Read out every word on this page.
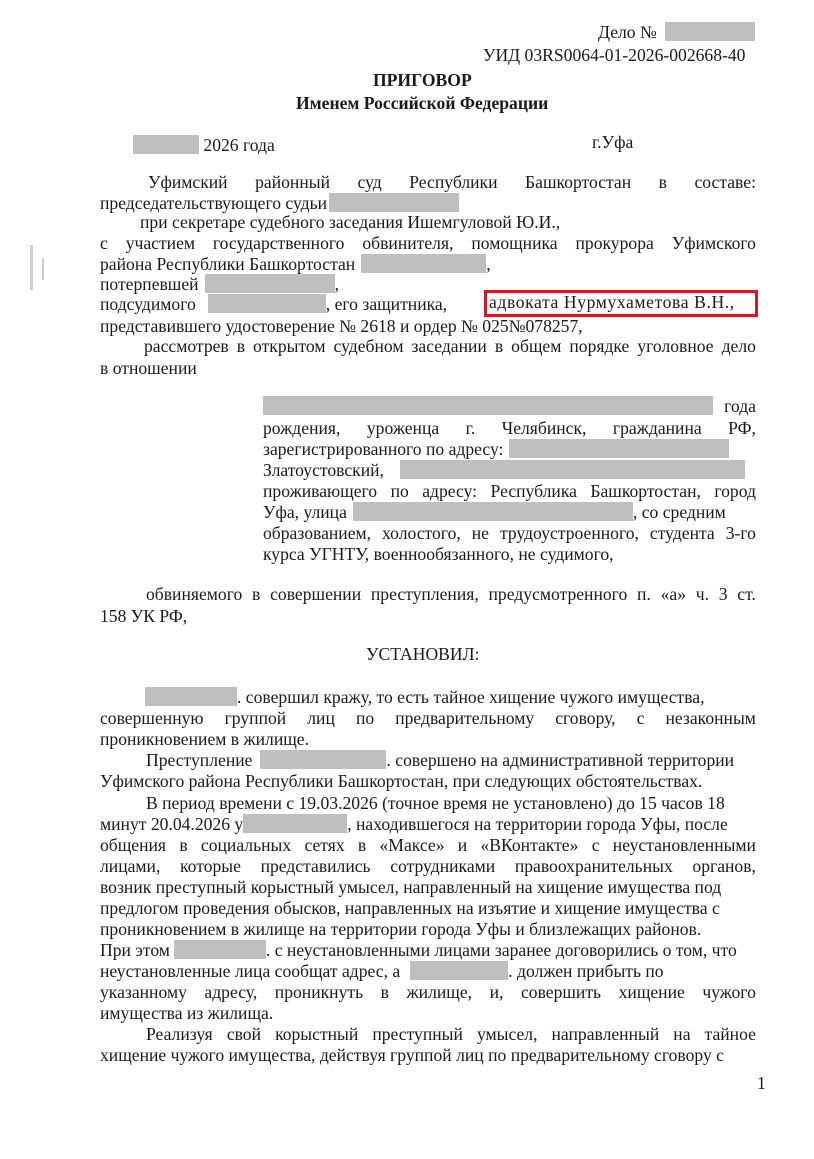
Дело №
УИД 03RS0064-01-2026-002668-40
ПРИГОВОР
Именем Российской Федерации
2026 года	г.Уфа
Уфимский районный суд Республики Башкортостан в составе:
председательствующего судьи
при секретаре судебного заседания Ишемгуловой Ю.И.,
с участием государственного обвинителя, помощника прокурора Уфимского
района Республики Башкортостан	,
потерпевшей	,
подсудимого	, его защитника, адвоката Нурмухаметова В.Н.,
представившего удостоверение № 2618 и ордер № 025№078257,
рассмотрев в открытом судебном заседании в общем порядке уголовное дело
в отношении
года
рождения, уроженца г. Челябинск, гражданина РФ,
зарегистрированного по адресу:
Златоустовский,
проживающего по адресу: Республика Башкортостан, город
Уфа, улица	, со средним
образованием, холостого, не трудоустроенного, студента 3-го
курса УГНТУ, военнообязанного, не судимого,
обвиняемого в совершении преступления, предусмотренного п. «а» ч. 3 ст.
158 УК РФ,
УСТАНОВИЛ:
. совершил кражу, то есть тайное хищение чужого имущества,
совершенную группой лиц по предварительному сговору, с незаконным
проникновением в жилище.
Преступление	. совершено на административной территории
Уфимского района Республики Башкортостан, при следующих обстоятельствах.
В период времени с 19.03.2026 (точное время не установлено) до 15 часов 18
минут 20.04.2026 у	, находившегося на территории города Уфы, после
общения в социальных сетях в «Максе» и «ВКонтакте» с неустановленными
лицами, которые представились сотрудниками правоохранительных органов,
возник преступный корыстный умысел, направленный на хищение имущества под
предлогом проведения обысков, направленных на изъятие и хищение имущества с
проникновением в жилище на территории города Уфы и близлежащих районов.
При этом	. с неустановленными лицами заранее договорились о том, что
неустановленные лица сообщат адрес, а	. должен прибыть по
указанному адресу, проникнуть в жилище, и, совершить хищение чужого
имущества из жилища.
Реализуя свой корыстный преступный умысел, направленный на тайное
хищение чужого имущества, действуя группой лиц по предварительному сговору с
1
